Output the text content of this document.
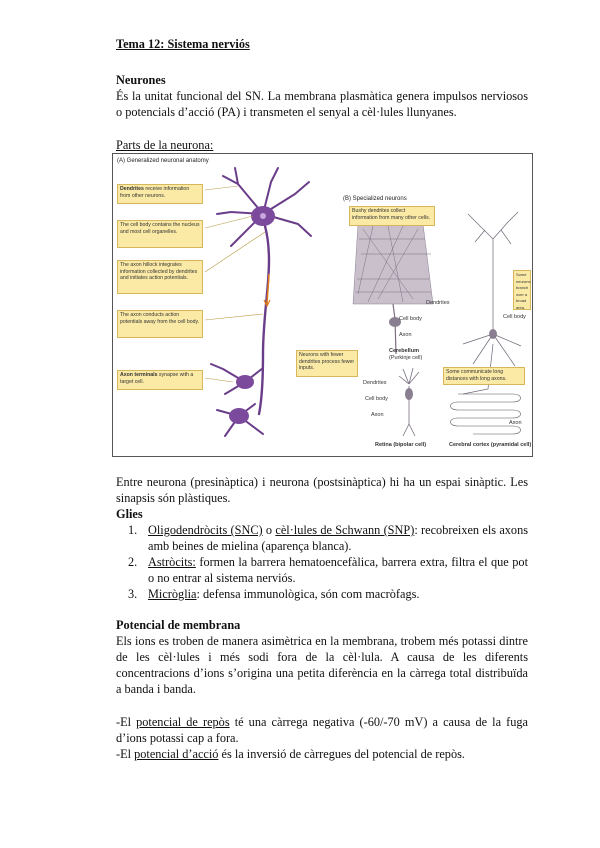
Tema 12: Sistema nerviós
Neurones
És la unitat funcional del SN. La membrana plasmàtica genera impulsos nerviosos o potencials d’acció (PA) i transmeten el senyal a cèl·lules llunyanes.
Parts de la neurona:
(A) Generalized neuronal anatomy
(B) Specialized neurons
Dendrites receive information from other neurons.
The cell body contains the nucleus and most cell organelles.
The axon hillock integrates information collected by dendrites and initiates action potentials.
The axon conducts action potentials away from the cell body.
Axon terminals synapse with a target cell.
Bushy dendrites collect information from many other cells.
Neurons with fewer dendrites process fewer inputs.
Some communicate long distances with long axons.
Some neurons branch over a broad area.
Dendrites
Cell body
Axon
Cerebellum
(Purkinje cell)
Dendrites
Cell body
Axon
Retina (bipolar cell)
Cell body
Axon
Cerebral cortex (pyramidal cell)
Entre neurona (presinàptica) i neurona (postsinàptica) hi ha un espai sinàptic. Les sinapsis són plàstiques.
Glies
1. Oligodendròcits (SNC) o cèl·lules de Schwann (SNP): recobreixen els axons amb beines de mielina (aparença blanca).
2. Astròcits: formen la barrera hematoencefàlica, barrera extra, filtra el que pot o no entrar al sistema nerviós.
3. Micròglia: defensa immunològica, són com macròfags.
Potencial de membrana
Els ions es troben de manera asimètrica en la membrana, trobem més potassi dintre de les cèl·lules i més sodi fora de la cèl·lula. A causa de les diferents concentracions d’ions s’origina una petita diferència en la càrrega total distribuïda a banda i banda.
-El potencial de repòs té una càrrega negativa (-60/-70 mV) a causa de la fuga d’ions potassi cap a fora.
-El potencial d’acció és la inversió de càrregues del potencial de repòs.
